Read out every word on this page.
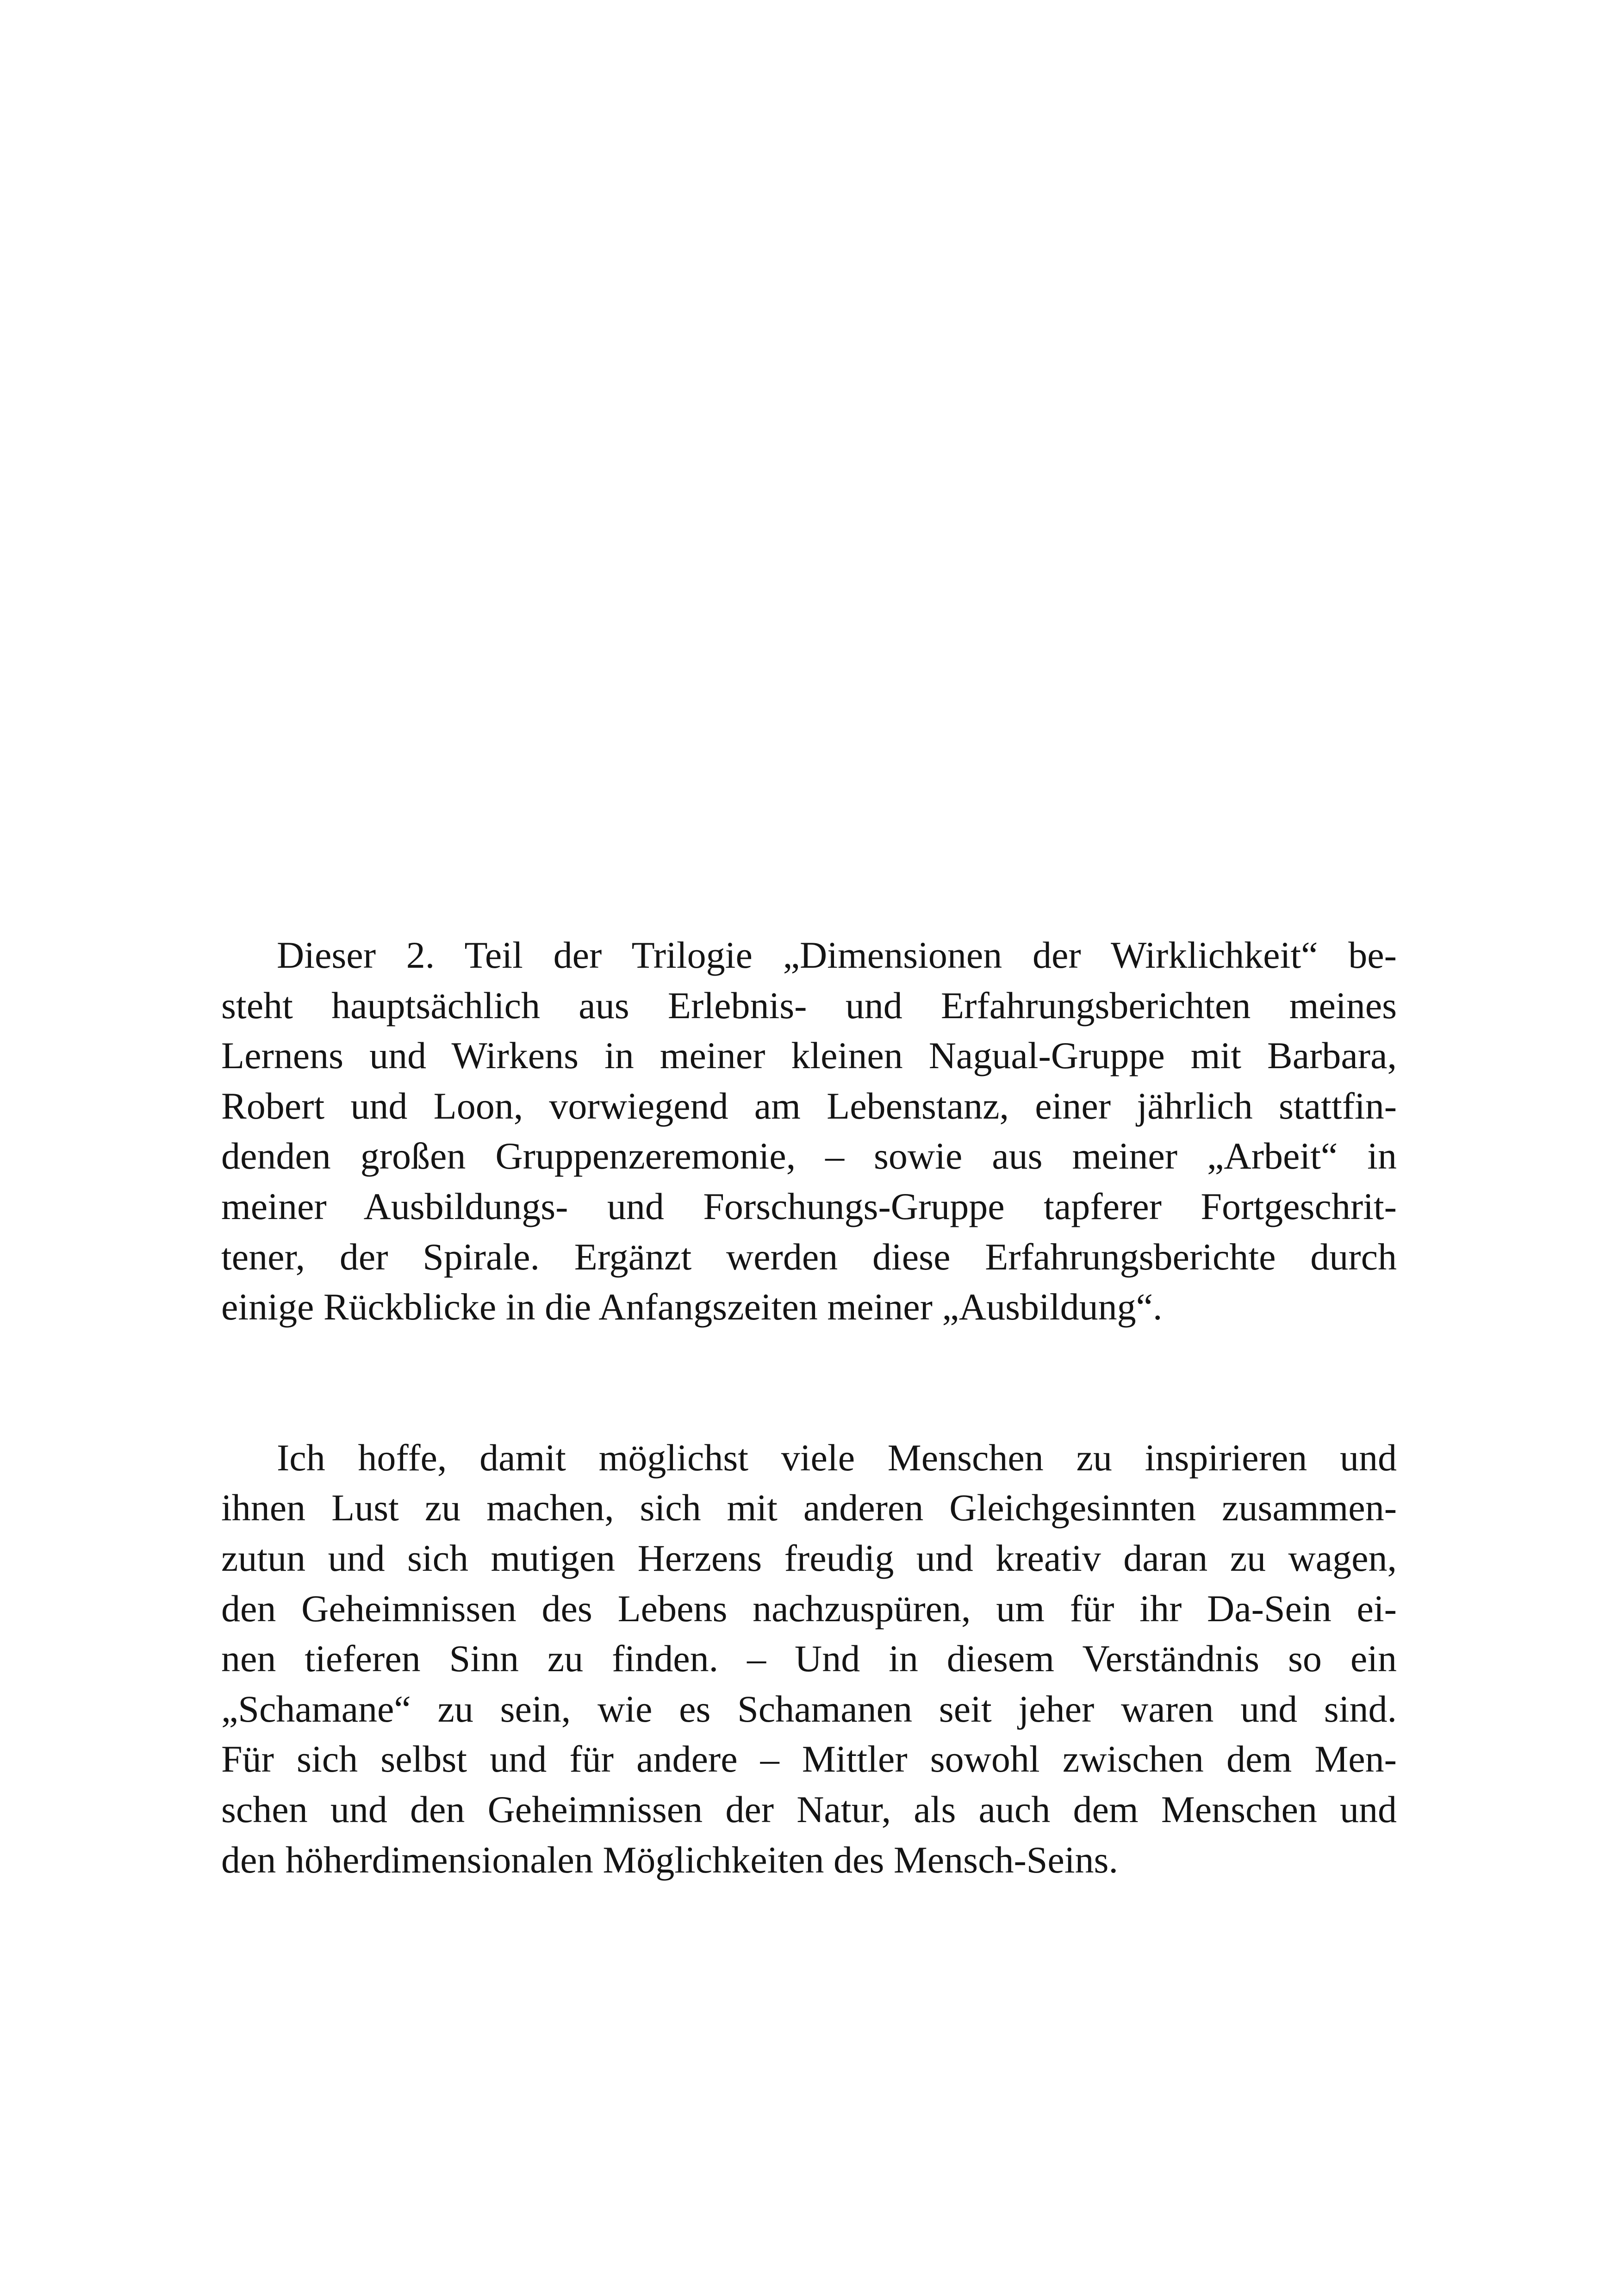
Dieser 2. Teil der Trilogie „Dimensionen der Wirklichkeit“ be-
steht hauptsächlich aus Erlebnis- und Erfahrungsberichten meines
Lernens und Wirkens in meiner kleinen Nagual-Gruppe mit Barbara,
Robert und Loon, vorwiegend am Lebenstanz, einer jährlich stattfin-
denden großen Gruppenzeremonie, – sowie aus meiner „Arbeit“ in
meiner Ausbildungs- und Forschungs-Gruppe tapferer Fortgeschrit-
tener, der Spirale. Ergänzt werden diese Erfahrungsberichte durch
einige Rückblicke in die Anfangszeiten meiner „Ausbildung“.

Ich hoffe, damit möglichst viele Menschen zu inspirieren und
ihnen Lust zu machen, sich mit anderen Gleichgesinnten zusammen-
zutun und sich mutigen Herzens freudig und kreativ daran zu wagen,
den Geheimnissen des Lebens nachzuspüren, um für ihr Da-Sein ei-
nen tieferen Sinn zu finden. – Und in diesem Verständnis so ein
„Schamane“ zu sein, wie es Schamanen seit jeher waren und sind.
Für sich selbst und für andere – Mittler sowohl zwischen dem Men-
schen und den Geheimnissen der Natur, als auch dem Menschen und
den höherdimensionalen Möglichkeiten des Mensch-Seins.
